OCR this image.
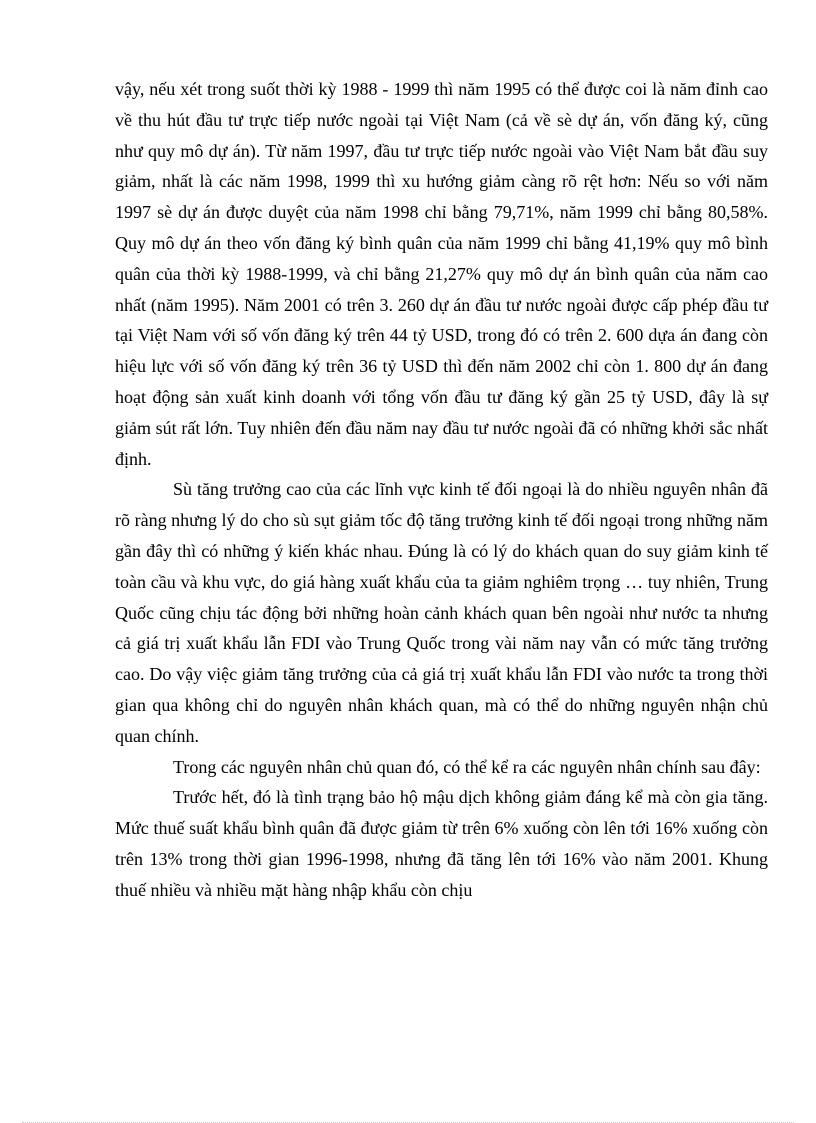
vậy, nếu xét trong suốt thời kỳ 1988 - 1999 thì năm 1995 có thể được coi là năm đỉnh cao về thu hút đầu tư trực tiếp nước ngoài tại Việt Nam (cả về sè dự án, vốn đăng ký, cũng như quy mô dự án). Từ năm 1997, đầu tư trực tiếp nước ngoài vào Việt Nam bắt đầu suy giảm, nhất là các năm 1998, 1999 thì xu hướng giảm càng rõ rệt hơn: Nếu so với năm 1997 sè dự án được duyệt của năm 1998 chỉ bằng 79,71%, năm 1999 chỉ bằng 80,58%. Quy mô dự án theo vốn đăng ký bình quân của năm 1999 chỉ bằng 41,19% quy mô bình quân của thời kỳ 1988-1999, và chỉ bằng 21,27% quy mô dự án bình quân của năm cao nhất (năm 1995). Năm 2001 có trên 3. 260 dự án đầu tư nước ngoài được cấp phép đầu tư tại Việt Nam với số vốn đăng ký trên 44 tỷ USD, trong đó có trên 2. 600 dựa án đang còn hiệu lực với số vốn đăng ký trên 36 tỷ USD thì đến năm 2002 chỉ còn 1. 800 dự án đang hoạt động sản xuất kinh doanh với tổng vốn đầu tư đăng ký gần 25 tỷ USD, đây là sự giảm sút rất lớn. Tuy nhiên đến đầu năm nay đầu tư nước ngoài đã có những khởi sắc nhất định.

Sù tăng trưởng cao của các lĩnh vực kinh tế đối ngoại là do nhiều nguyên nhân đã rõ ràng nhưng lý do cho sù sụt giảm tốc độ tăng trưởng kinh tế đối ngoại trong những năm gần đây thì có những ý kiến khác nhau. Đúng là có lý do khách quan do suy giảm kinh tế toàn cầu và khu vực, do giá hàng xuất khẩu của ta giảm nghiêm trọng … tuy nhiên, Trung Quốc cũng chịu tác động bởi những hoàn cảnh khách quan bên ngoài như nước ta nhưng cả giá trị xuất khẩu lẫn FDI vào Trung Quốc trong vài năm nay vẫn có mức tăng trưởng cao. Do vậy việc giảm tăng trưởng của cả giá trị xuất khẩu lẫn FDI vào nước ta trong thời gian qua không chỉ do nguyên nhân khách quan, mà có thể do những nguyên nhận chủ quan chính.

Trong các nguyên nhân chủ quan đó, có thể kể ra các nguyên nhân chính sau đây:

Trước hết, đó là tình trạng bảo hộ mậu dịch không giảm đáng kể mà còn gia tăng. Mức thuế suất khẩu bình quân đã được giảm từ trên 6% xuống còn lên tới 16% xuống còn trên 13% trong thời gian 1996-1998, nhưng đã tăng lên tới 16% vào năm 2001. Khung thuế nhiều và nhiều mặt hàng nhập khẩu còn chịu
